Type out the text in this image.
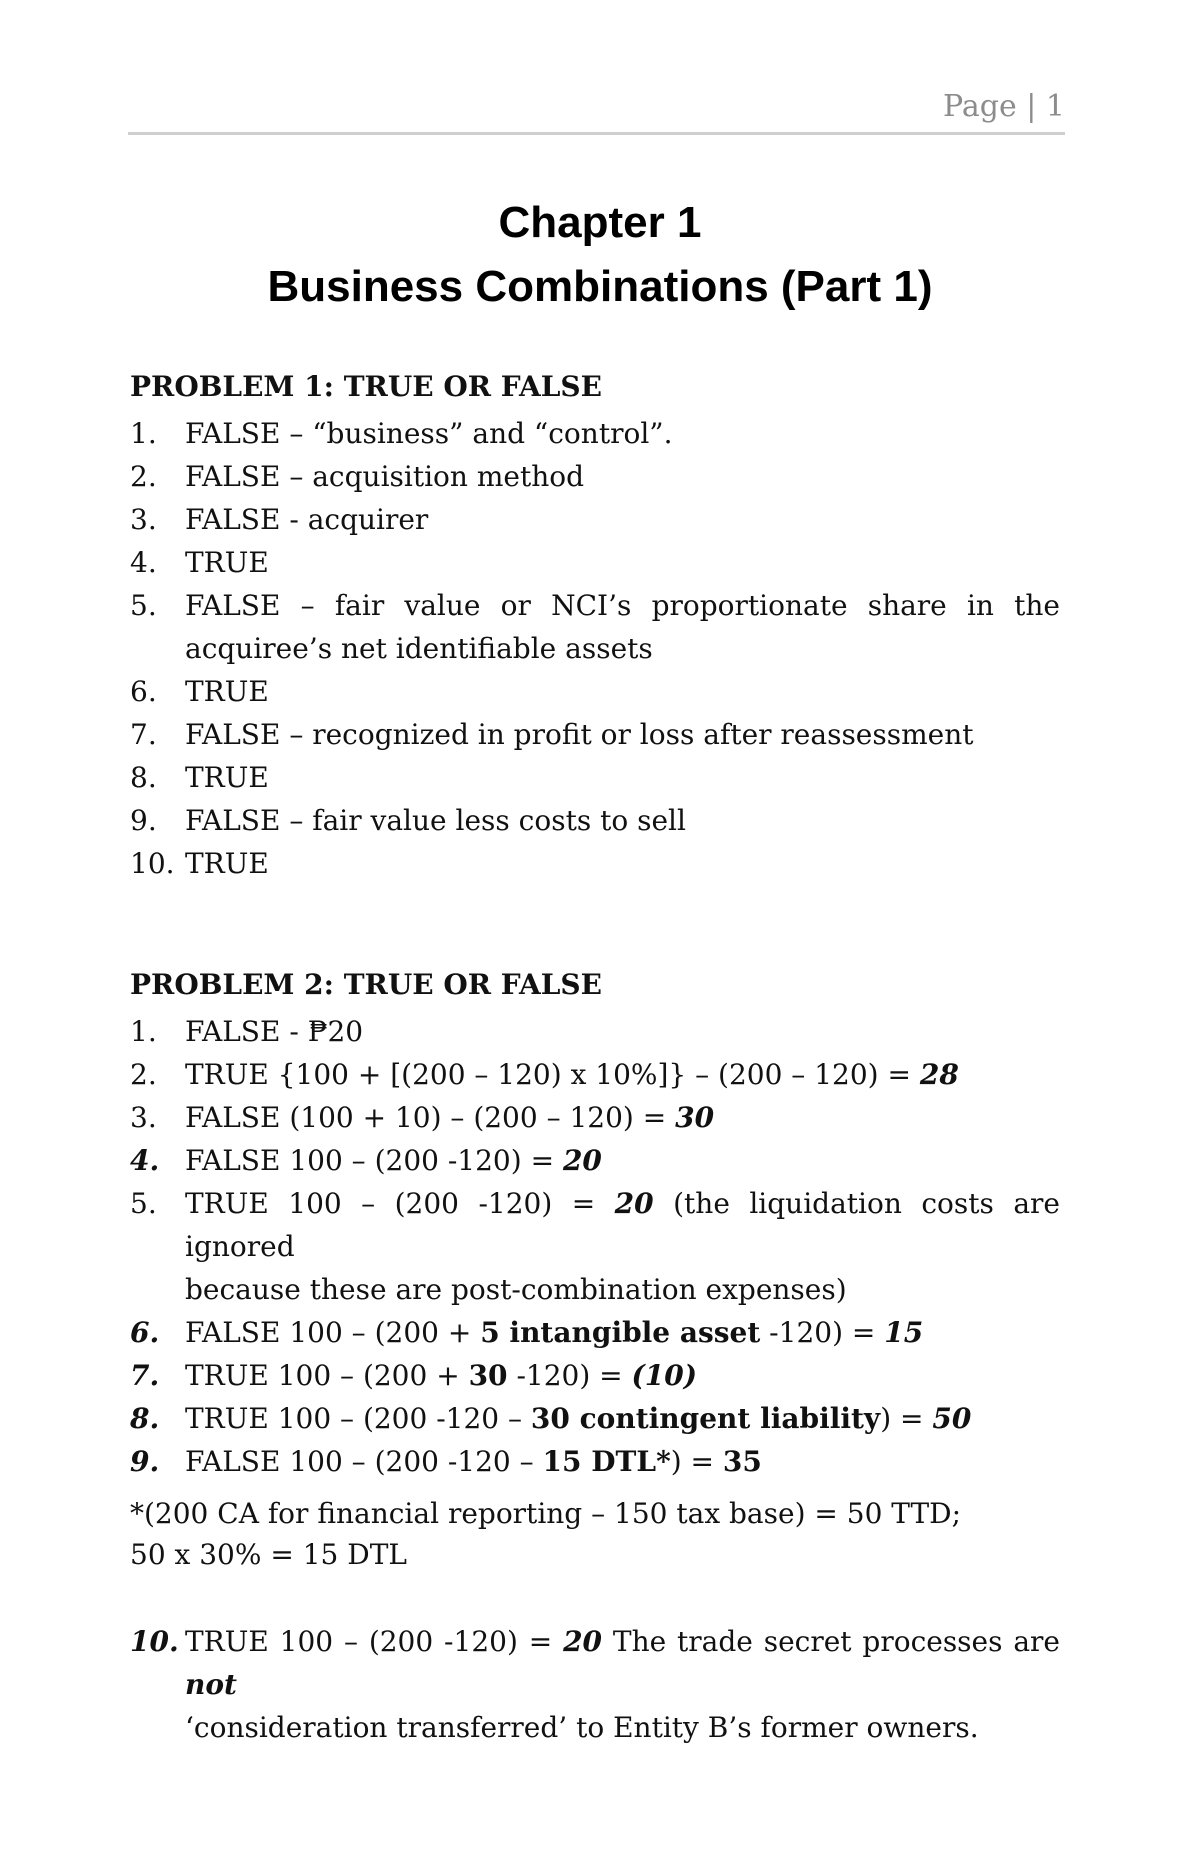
Page | 1
Chapter 1
Business Combinations (Part 1)
PROBLEM 1: TRUE OR FALSE
1.	FALSE – “business” and “control”.
2.	FALSE – acquisition method
3.	FALSE - acquirer
4.	TRUE
5.	FALSE – fair value or NCI’s proportionate share in the
acquiree’s net identifiable assets
6.	TRUE
7.	FALSE – recognized in profit or loss after reassessment
8.	TRUE
9.	FALSE – fair value less costs to sell
10. TRUE
PROBLEM 2: TRUE OR FALSE
1.	FALSE - ₱20
2.	TRUE {100 + [(200 – 120) x 10%]} – (200 – 120) = 28
3.	FALSE (100 + 10) – (200 – 120) = 30
4. FALSE 100 – (200 -120) = 20
5.	TRUE 100 – (200 -120) = 20 (the liquidation costs are ignored
because these are post-combination expenses)
6. FALSE 100 – (200 + 5 intangible asset -120) = 15
7. TRUE 100 – (200 + 30 -120) = (10)
8. TRUE 100 – (200 -120 – 30 contingent liability) = 50
9. FALSE 100 – (200 -120 – 15 DTL*) = 35
*(200 CA for financial reporting – 150 tax base) = 50 TTD;
50 x 30% = 15 DTL
10. TRUE 100 – (200 -120) = 20 The trade secret processes are not
‘consideration transferred’ to Entity B’s former owners.
